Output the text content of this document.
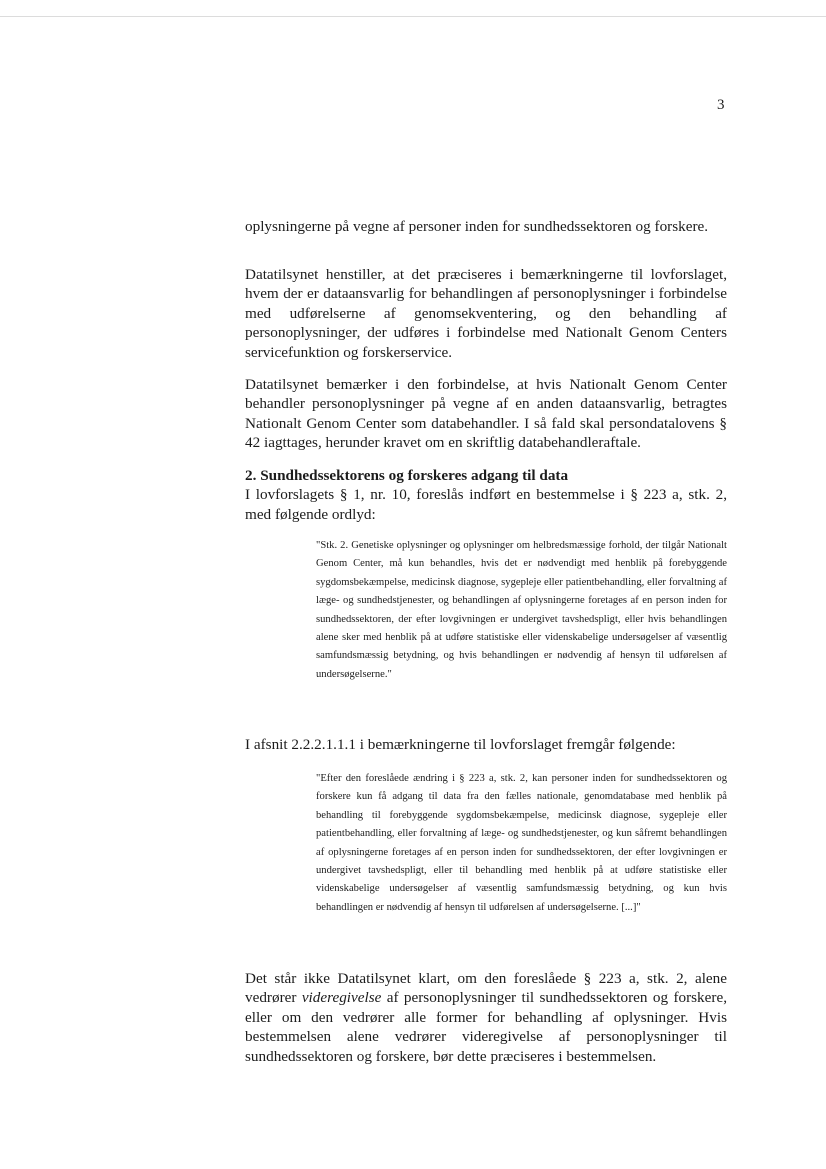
3

oplysningerne på vegne af personer inden for sundhedssektoren og forskere.

Datatilsynet henstiller, at det præciseres i bemærkningerne til lovforslaget, hvem der er dataansvarlig for behandlingen af personoplysninger i forbindelse med udførelserne af genomsekventering, og den behandling af personoplysninger, der udføres i forbindelse med Nationalt Genom Centers servicefunktion og forskerservice.

Datatilsynet bemærker i den forbindelse, at hvis Nationalt Genom Center behandler personoplysninger på vegne af en anden dataansvarlig, betragtes Nationalt Genom Center som databehandler. I så fald skal persondatalovens § 42 iagttages, herunder kravet om en skriftlig databehandleraftale.

2. Sundhedssektorens og forskeres adgang til data
I lovforslagets § 1, nr. 10, foreslås indført en bestemmelse i § 223 a, stk. 2, med følgende ordlyd:

"Stk. 2. Genetiske oplysninger og oplysninger om helbredsmæssige forhold, der tilgår Nationalt Genom Center, må kun behandles, hvis det er nødvendigt med henblik på forebyggende sygdomsbekæmpelse, medicinsk diagnose, sygepleje eller patientbehandling, eller forvaltning af læge- og sundhedstjenester, og behandlingen af oplysningerne foretages af en person inden for sundhedssektoren, der efter lovgivningen er undergivet tavshedspligt, eller hvis behandlingen alene sker med henblik på at udføre statistiske eller videnskabelige undersøgelser af væsentlig samfundsmæssig betydning, og hvis behandlingen er nødvendig af hensyn til udførelsen af undersøgelserne."

I afsnit 2.2.2.1.1.1 i bemærkningerne til lovforslaget fremgår følgende:

"Efter den foreslåede ændring i § 223 a, stk. 2, kan personer inden for sundhedssektoren og forskere kun få adgang til data fra den fælles nationale, genomdatabase med henblik på behandling til forebyggende sygdomsbekæmpelse, medicinsk diagnose, sygepleje eller patientbehandling, eller forvaltning af læge- og sundhedstjenester, og kun såfremt behandlingen af oplysningerne foretages af en person inden for sundhedssektoren, der efter lovgivningen er undergivet tavshedspligt, eller til behandling med henblik på at udføre statistiske eller videnskabelige undersøgelser af væsentlig samfundsmæssig betydning, og kun hvis behandlingen er nødvendig af hensyn til udførelsen af undersøgelserne. [...]"

Det står ikke Datatilsynet klart, om den foreslåede § 223 a, stk. 2, alene vedrører videregivelse af personoplysninger til sundhedssektoren og forskere, eller om den vedrører alle former for behandling af oplysninger. Hvis bestemmelsen alene vedrører videregivelse af personoplysninger til sundhedssektoren og forskere, bør dette præciseres i bestemmelsen.
